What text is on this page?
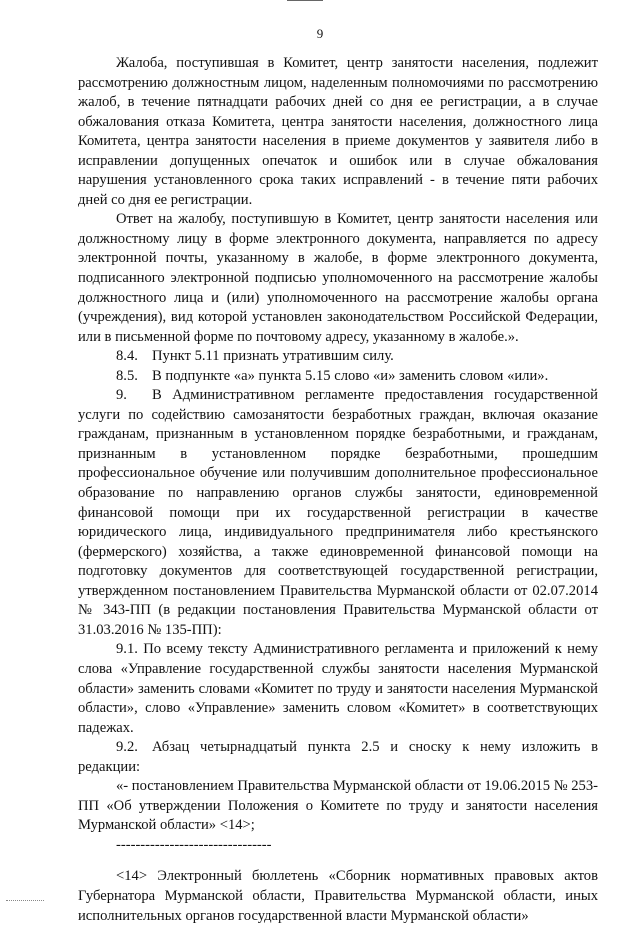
9

Жалоба, поступившая в Комитет, центр занятости населения, подлежит рассмотрению должностным лицом, наделенным полномочиями по рассмотрению жалоб, в течение пятнадцати рабочих дней со дня ее регистрации, а в случае обжалования отказа Комитета, центра занятости населения, должностного лица Комитета, центра занятости населения в приеме документов у заявителя либо в исправлении допущенных опечаток и ошибок или в случае обжалования нарушения установленного срока таких исправлений - в течение пяти рабочих дней со дня ее регистрации.

Ответ на жалобу, поступившую в Комитет, центр занятости населения или должностному лицу в форме электронного документа, направляется по адресу электронной почты, указанному в жалобе, в форме электронного документа, подписанного электронной подписью уполномоченного на рассмотрение жалобы должностного лица и (или) уполномоченного на рассмотрение жалобы органа (учреждения), вид которой установлен законодательством Российской Федерации, или в письменной форме по почтовому адресу, указанному в жалобе.».

8.4. Пункт 5.11 признать утратившим силу.

8.5. В подпункте «а» пункта 5.15 слово «и» заменить словом «или».

9. В Административном регламенте предоставления государственной услуги по содействию самозанятости безработных граждан, включая оказание гражданам, признанным в установленном порядке безработными, и гражданам, признанным в установленном порядке безработными, прошедшим профессиональное обучение или получившим дополнительное профессиональное образование по направлению органов службы занятости, единовременной финансовой помощи при их государственной регистрации в качестве юридического лица, индивидуального предпринимателя либо крестьянского (фермерского) хозяйства, а также единовременной финансовой помощи на подготовку документов для соответствующей государственной регистрации, утвержденном постановлением Правительства Мурманской области от 02.07.2014 № 343-ПП (в редакции постановления Правительства Мурманской области от 31.03.2016 № 135-ПП):

9.1. По всему тексту Административного регламента и приложений к нему слова «Управление государственной службы занятости населения Мурманской области» заменить словами «Комитет по труду и занятости населения Мурманской области», слово «Управление» заменить словом «Комитет» в соответствующих падежах.

9.2. Абзац четырнадцатый пункта 2.5 и сноску к нему изложить в редакции:

«- постановлением Правительства Мурманской области от 19.06.2015 № 253-ПП «Об утверждении Положения о Комитете по труду и занятости населения Мурманской области» <14>;

--------------------------------

<14> Электронный бюллетень «Сборник нормативных правовых актов Губернатора Мурманской области, Правительства Мурманской области, иных исполнительных органов государственной власти Мурманской области»
